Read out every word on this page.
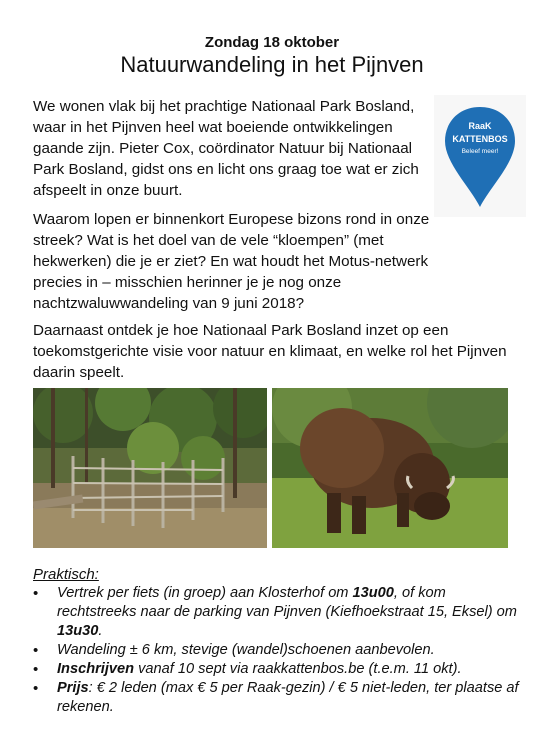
Zondag 18 oktober
Natuurwandeling in het Pijnven

We wonen vlak bij het prachtige Nationaal Park Bosland, waar in het Pijnven heel wat boeiende ontwikkelingen gaande zijn. Pieter Cox, coördinator Natuur bij Nationaal Park Bosland, gidst ons en licht ons graag toe wat er zich afspeelt in onze buurt.

Waarom lopen er binnenkort Europese bizons rond in onze streek? Wat is het doel van de vele “kloempen” (met hekwerken) die je er ziet? En wat houdt het Motus-netwerk precies in – misschien herinner je je nog onze nachtzwaluwwandeling van 9 juni 2018?

Daarnaast ontdek je hoe Nationaal Park Bosland inzet op een toekomstgerichte visie voor natuur en klimaat, en welke rol het Pijnven daarin speelt.

RaaK
KATTENBOS
Beleef meer!
Praktisch:
• Vertrek per fiets (in groep) aan Klosterhof om 13u00, of kom rechtstreeks naar de parking van Pijnven (Kiefhoekstraat 15, Eksel) om 13u30.
• Wandeling ± 6 km, stevige (wandel)schoenen aanbevolen.
• Inschrijven vanaf 10 sept via raakkattenbos.be (t.e.m. 11 okt).
• Prijs: € 2 leden (max € 5 per Raak-gezin) / € 5 niet-leden, ter plaatse af rekenen.
